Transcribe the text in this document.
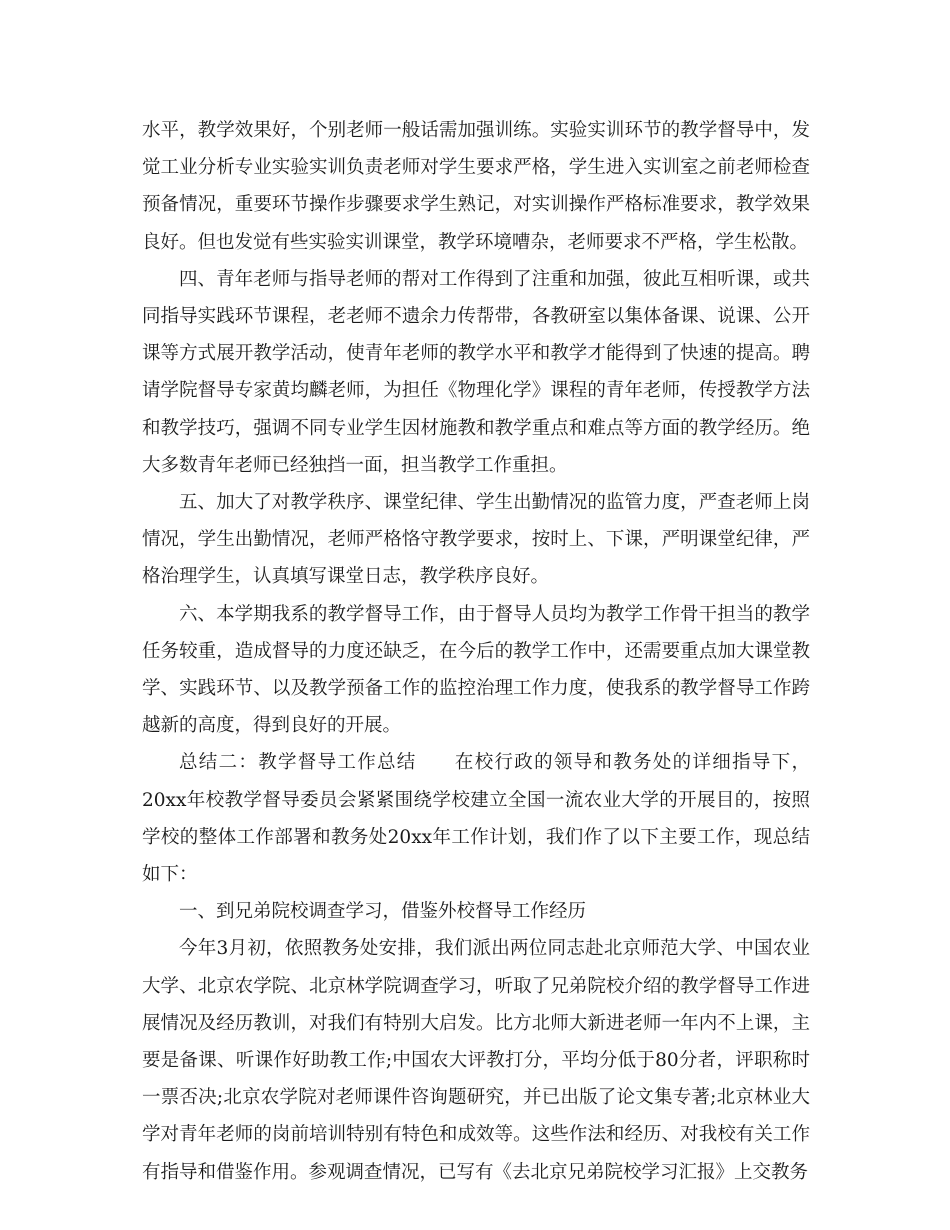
水平，教学效果好，个别老师一般话需加强训练。实验实训环节的教学督导中，发觉工业分析专业实验实训负责老师对学生要求严格，学生进入实训室之前老师检查预备情况，重要环节操作步骤要求学生熟记，对实训操作严格标准要求，教学效果良好。但也发觉有些实验实训课堂，教学环境嘈杂，老师要求不严格，学生松散。

四、青年老师与指导老师的帮对工作得到了注重和加强，彼此互相听课，或共同指导实践环节课程，老老师不遗余力传帮带，各教研室以集体备课、说课、公开课等方式展开教学活动，使青年老师的教学水平和教学才能得到了快速的提高。聘请学院督导专家黄均麟老师，为担任《物理化学》课程的青年老师，传授教学方法和教学技巧，强调不同专业学生因材施教和教学重点和难点等方面的教学经历。绝大多数青年老师已经独挡一面，担当教学工作重担。

五、加大了对教学秩序、课堂纪律、学生出勤情况的监管力度，严查老师上岗情况，学生出勤情况，老师严格恪守教学要求，按时上、下课，严明课堂纪律，严格治理学生，认真填写课堂日志，教学秩序良好。

六、本学期我系的教学督导工作，由于督导人员均为教学工作骨干担当的教学任务较重，造成督导的力度还缺乏，在今后的教学工作中，还需要重点加大课堂教学、实践环节、以及教学预备工作的监控治理工作力度，使我系的教学督导工作跨越新的高度，得到良好的开展。

总结二：教学督导工作总结 在校行政的领导和教务处的详细指导下，20xx年校教学督导委员会紧紧围绕学校建立全国一流农业大学的开展目的，按照学校的整体工作部署和教务处20xx年工作计划，我们作了以下主要工作，现总结如下：

一、到兄弟院校调查学习，借鉴外校督导工作经历

今年3月初，依照教务处安排，我们派出两位同志赴北京师范大学、中国农业大学、北京农学院、北京林学院调查学习，听取了兄弟院校介绍的教学督导工作进展情况及经历教训，对我们有特别大启发。比方北师大新进老师一年内不上课，主要是备课、听课作好助教工作;中国农大评教打分，平均分低于80分者，评职称时一票否决;北京农学院对老师课件咨询题研究，并已出版了论文集专著;北京林业大学对青年老师的岗前培训特别有特色和成效等。这些作法和经历、对我校有关工作有指导和借鉴作用。参观调查情况，已写有《去北京兄弟院校学习汇报》上交教务
